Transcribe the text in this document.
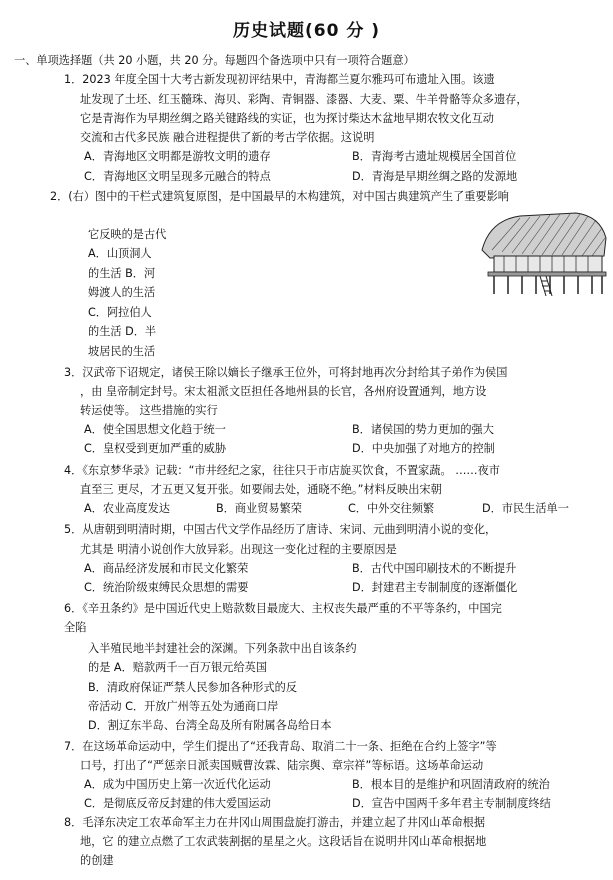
历史试题(60 分 )
一、单项选择题（共 20 小题，共 20 分。每题四个备选项中只有一项符合题意）
1．2023 年度全国十大考古新发现初评结果中，青海都兰夏尔雅玛可布遗址入围。该遗
址发现了土坯、红玉髓珠、海贝、彩陶、青铜器、漆器、大麦、粟、牛羊骨骼等众多遗存，
它是青海作为早期丝绸之路关键路线的实证，也为探讨柴达木盆地早期农牧文化互动
交流和古代多民族 融合进程提供了新的考古学依据。这说明
A．青海地区文明都是游牧文明的遗存	B．青海考古遗址规模居全国首位
C．青海地区文明呈现多元融合的特点	D．青海是早期丝绸之路的发源地
2．(右）图中的干栏式建筑复原图，是中国最早的木构建筑，对中国古典建筑产生了重要影响
它反映的是古代
A．山顶洞人
的生活 B．河
姆渡人的生活
C．阿拉伯人
的生活 D．半
坡居民的生活
3．汉武帝下诏规定，诸侯王除以嫡长子继承王位外，可将封地再次分封给其子弟作为侯国
，由 皇帝制定封号。宋太祖派文臣担任各地州县的长官，各州府设置通判，地方设
转运使等。 这些措施的实行
A．使全国思想文化趋于统一	B．诸侯国的势力更加的强大
C．皇权受到更加严重的威胁	D．中央加强了对地方的控制
4．《东京梦华录》记载：“市井经纪之家，往往只于市店旋买饮食，不置家蔬。 ……夜市
直至三 更尽，才五更又复开张。如要闹去处，通晓不绝。”材料反映出宋朝
A．农业高度发达	B．商业贸易繁荣	C．中外交往频繁	D．市民生活单一
5．从唐朝到明清时期，中国古代文学作品经历了唐诗、宋词、元曲到明清小说的变化，
尤其是 明清小说创作大放异彩。出现这一变化过程的主要原因是
A．商品经济发展和市民文化繁荣	B．古代中国印刷技术的不断提升
C．统治阶级束缚民众思想的需要	D．封建君主专制制度的逐渐僵化
6．《辛丑条约》是中国近代史上赔款数目最庞大、主权丧失最严重的不平等条约，中国完
全陷
入半殖民地半封建社会的深渊。下列条款中出自该条约
的是 A．赔款两千一百万银元给英国
B．清政府保证严禁人民参加各种形式的反
帝活动 C．开放广州等五处为通商口岸
D．割辽东半岛、台湾全岛及所有附属各岛给日本
7．在这场革命运动中，学生们提出了“还我青岛、取消二十一条、拒绝在合约上签字”等
口号，打出了“严惩亲日派卖国贼曹汝霖、陆宗舆、章宗祥”等标语。这场革命运动
A．成为中国历史上第一次近代化运动	B．根本目的是维护和巩固清政府的统治
C．是彻底反帝反封建的伟大爱国运动	D．宣告中国两千多年君主专制制度终结
8．毛泽东决定工农革命军主力在井冈山周围盘旋打游击，并建立起了井冈山革命根据
地，它 的建立点燃了工农武装割据的星星之火。这段话旨在说明井冈山革命根据地
的创建
